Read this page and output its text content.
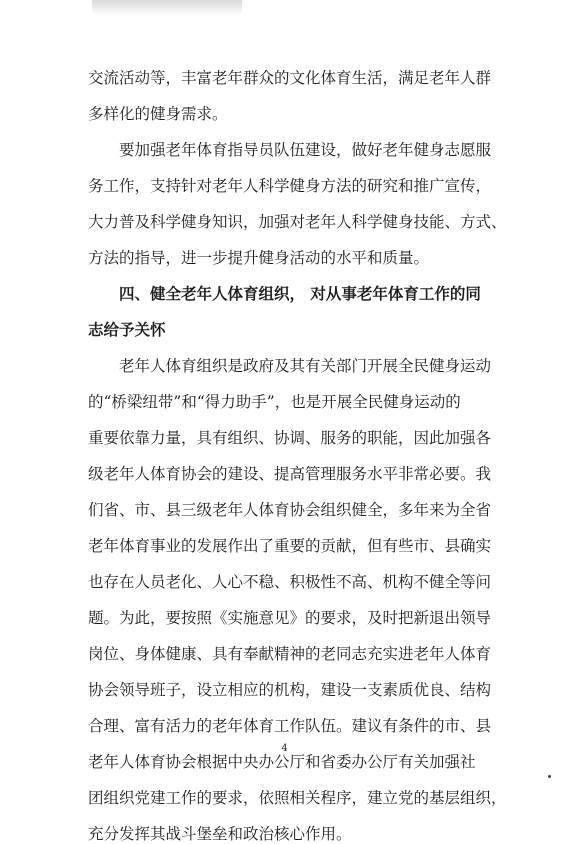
交流活动等，丰富老年群众的文化体育生活，满足老年人群

多样化的健身需求。

要加强老年体育指导员队伍建设，做好老年健身志愿服

务工作，支持针对老年人科学健身方法的研究和推广宣传，

大力普及科学健身知识，加强对老年人科学健身技能、方式、

方法的指导，进一步提升健身活动的水平和质量。

四、健全老年人体育组织， 对从事老年体育工作的同

志给予关怀

老年人体育组织是政府及其有关部门开展全民健身运动

的“桥梁纽带”和“得力助手”，也是开展全民健身运动的

重要依靠力量，具有组织、协调、服务的职能，因此加强各

级老年人体育协会的建设、提高管理服务水平非常必要。我

们省、市、县三级老年人体育协会组织健全，多年来为全省

老年体育事业的发展作出了重要的贡献，但有些市、县确实

也存在人员老化、人心不稳、积极性不高、机构不健全等问

题。为此，要按照《实施意见》的要求，及时把新退出领导

岗位、身体健康、具有奉献精神的老同志充实进老年人体育

协会领导班子，设立相应的机构，建设一支素质优良、结构

合理、富有活力的老年体育工作队伍。建议有条件的市、县

老年人体育协会根据中央办公厅和省委办公厅有关加强社

团组织党建工作的要求，依照相关程序，建立党的基层组织，

充分发挥其战斗堡垒和政治核心作用。

4
